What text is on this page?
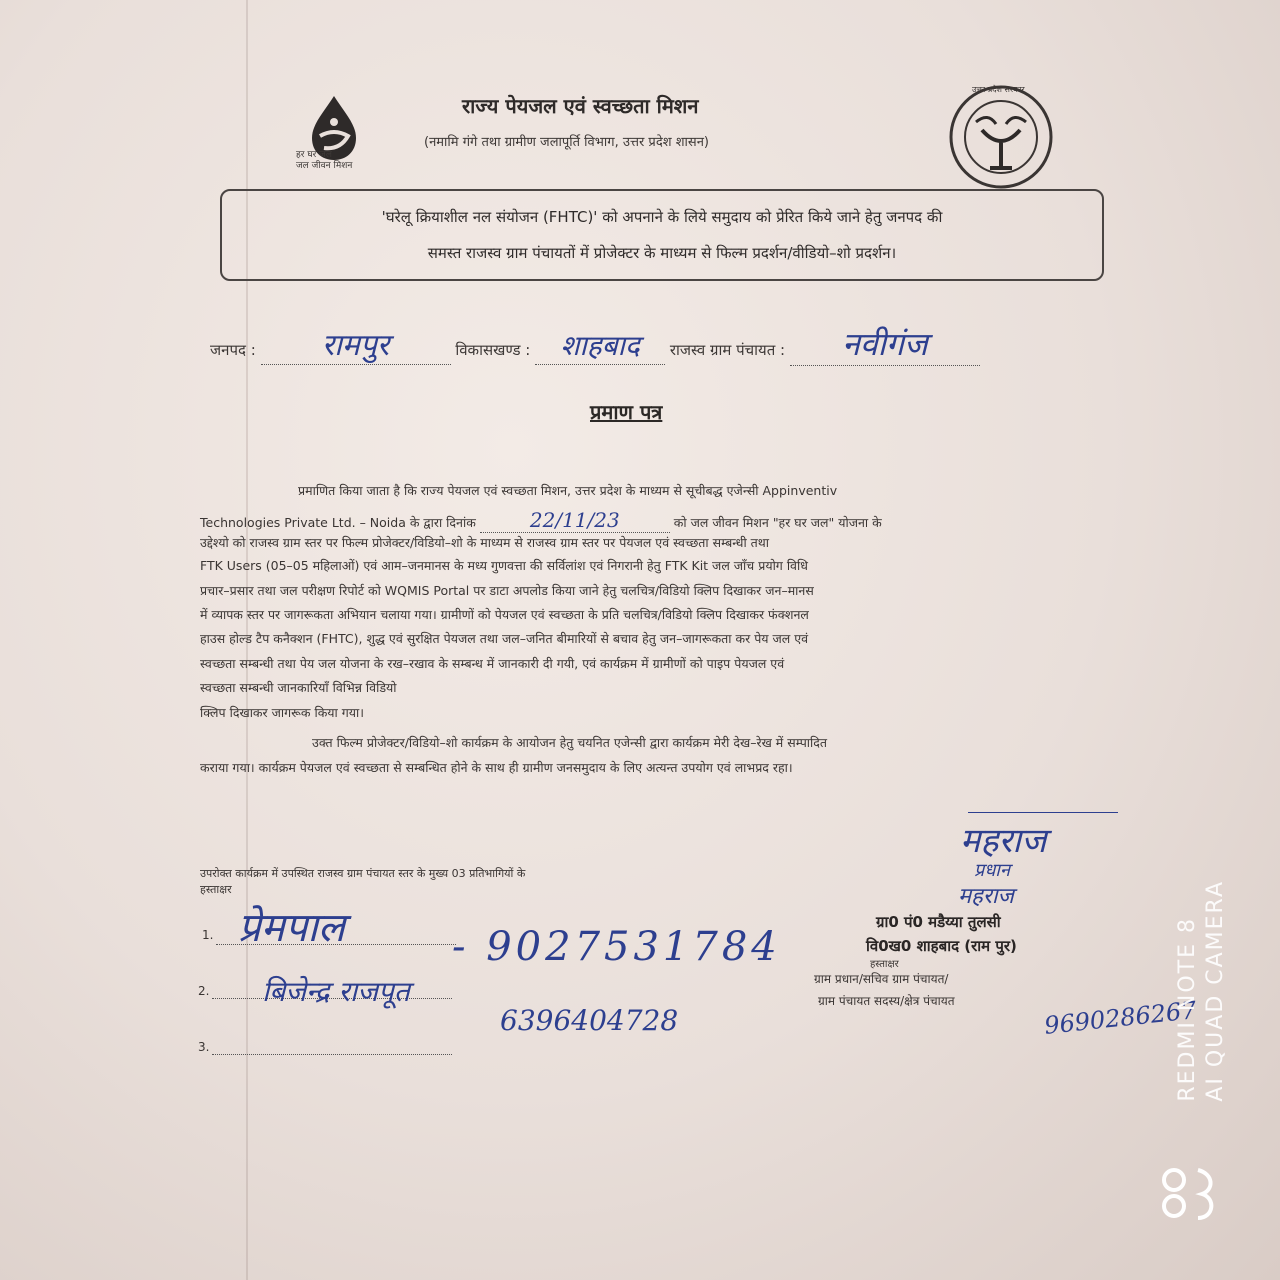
हर घर जल
जल जीवन मिशन
राज्य पेयजल एवं स्वच्छता मिशन
(नमामि गंगे तथा ग्रामीण जलापूर्ति विभाग, उत्तर प्रदेश शासन)
उत्तर प्रदेश सरकार
'घरेलू क्रियाशील नल संयोजन (FHTC)' को अपनाने के लिये समुदाय को प्रेरित किये जाने हेतु जनपद की
समस्त राजस्व ग्राम पंचायतों में प्रोजेक्टर के माध्यम से फिल्म प्रदर्शन/वीडियो–शो प्रदर्शन।
जनपद : रामपुर	विकासखण्ड : शाहबाद राजस्व ग्राम पंचायत : नवीगंज
प्रमाण पत्र
प्रमाणित किया जाता है कि राज्य पेयजल एवं स्वच्छता मिशन, उत्तर प्रदेश के माध्यम से सूचीबद्ध एजेन्सी Appinventiv
Technologies Private Ltd. – Noida के द्वारा दिनांक	22/11/23	को जल जीवन मिशन "हर घर जल" योजना के
उद्देश्यो को राजस्व ग्राम स्तर पर फिल्म प्रोजेक्टर/विडियो–शो के माध्यम से राजस्व ग्राम स्तर पर पेयजल एवं स्वच्छता सम्बन्धी तथा
FTK Users (05–05 महिलाओं) एवं आम–जनमानस के मध्य गुणवत्ता की सर्विलांश एवं निगरानी हेतु FTK Kit जल जाँच प्रयोग विधि
प्रचार–प्रसार तथा जल परीक्षण रिपोर्ट को WQMIS Portal पर डाटा अपलोड किया जाने हेतु चलचित्र/विडियो क्लिप दिखाकर जन–मानस
में व्यापक स्तर पर जागरूकता अभियान चलाया गया। ग्रामीणों को पेयजल एवं स्वच्छता के प्रति चलचित्र/विडियो क्लिप दिखाकर फंक्शनल
हाउस होल्ड टैप कनैक्शन (FHTC), शुद्ध एवं सुरक्षित पेयजल तथा जल–जनित बीमारियों से बचाव हेतु जन–जागरूकता कर पेय जल एवं
स्वच्छता सम्बन्धी तथा पेय जल योजना के रख–रखाव के सम्बन्ध में जानकारी दी गयी, एवं कार्यक्रम में ग्रामीणों को पाइप पेयजल एवं
स्वच्छता सम्बन्धी जानकारियाँ विभिन्न विडियो
क्लिप दिखाकर जागरूक किया गया।
उक्त फिल्म प्रोजेक्टर/विडियो–शो कार्यक्रम के आयोजन हेतु चयनित एजेन्सी द्वारा कार्यक्रम मेरी देख–रेख में सम्पादित
कराया गया। कार्यक्रम पेयजल एवं स्वच्छता से सम्बन्धित होने के साथ ही ग्रामीण जनसमुदाय के लिए अत्यन्त उपयोग एवं लाभप्रद रहा।
उपरोक्त कार्यक्रम में उपस्थित राजस्व ग्राम पंचायत स्तर के मुख्य 03 प्रतिभागियों के
हस्ताक्षर
1. प्रेमपाल	- 9027531784
2. बिजेन्द्र राजपूत
6396404728
3.
महराज
प्रधान
महराज
ग्रा0 पं0 मडैय्या तुलसी
वि0ख0 शाहबाद (राम पुर)
हस्ताक्षर
ग्राम प्रधान/सचिव ग्राम पंचायत/
ग्राम पंचायत सदस्य/क्षेत्र पंचायत	9690286267
REDMI NOTE 8 AI QUAD CAMERA
